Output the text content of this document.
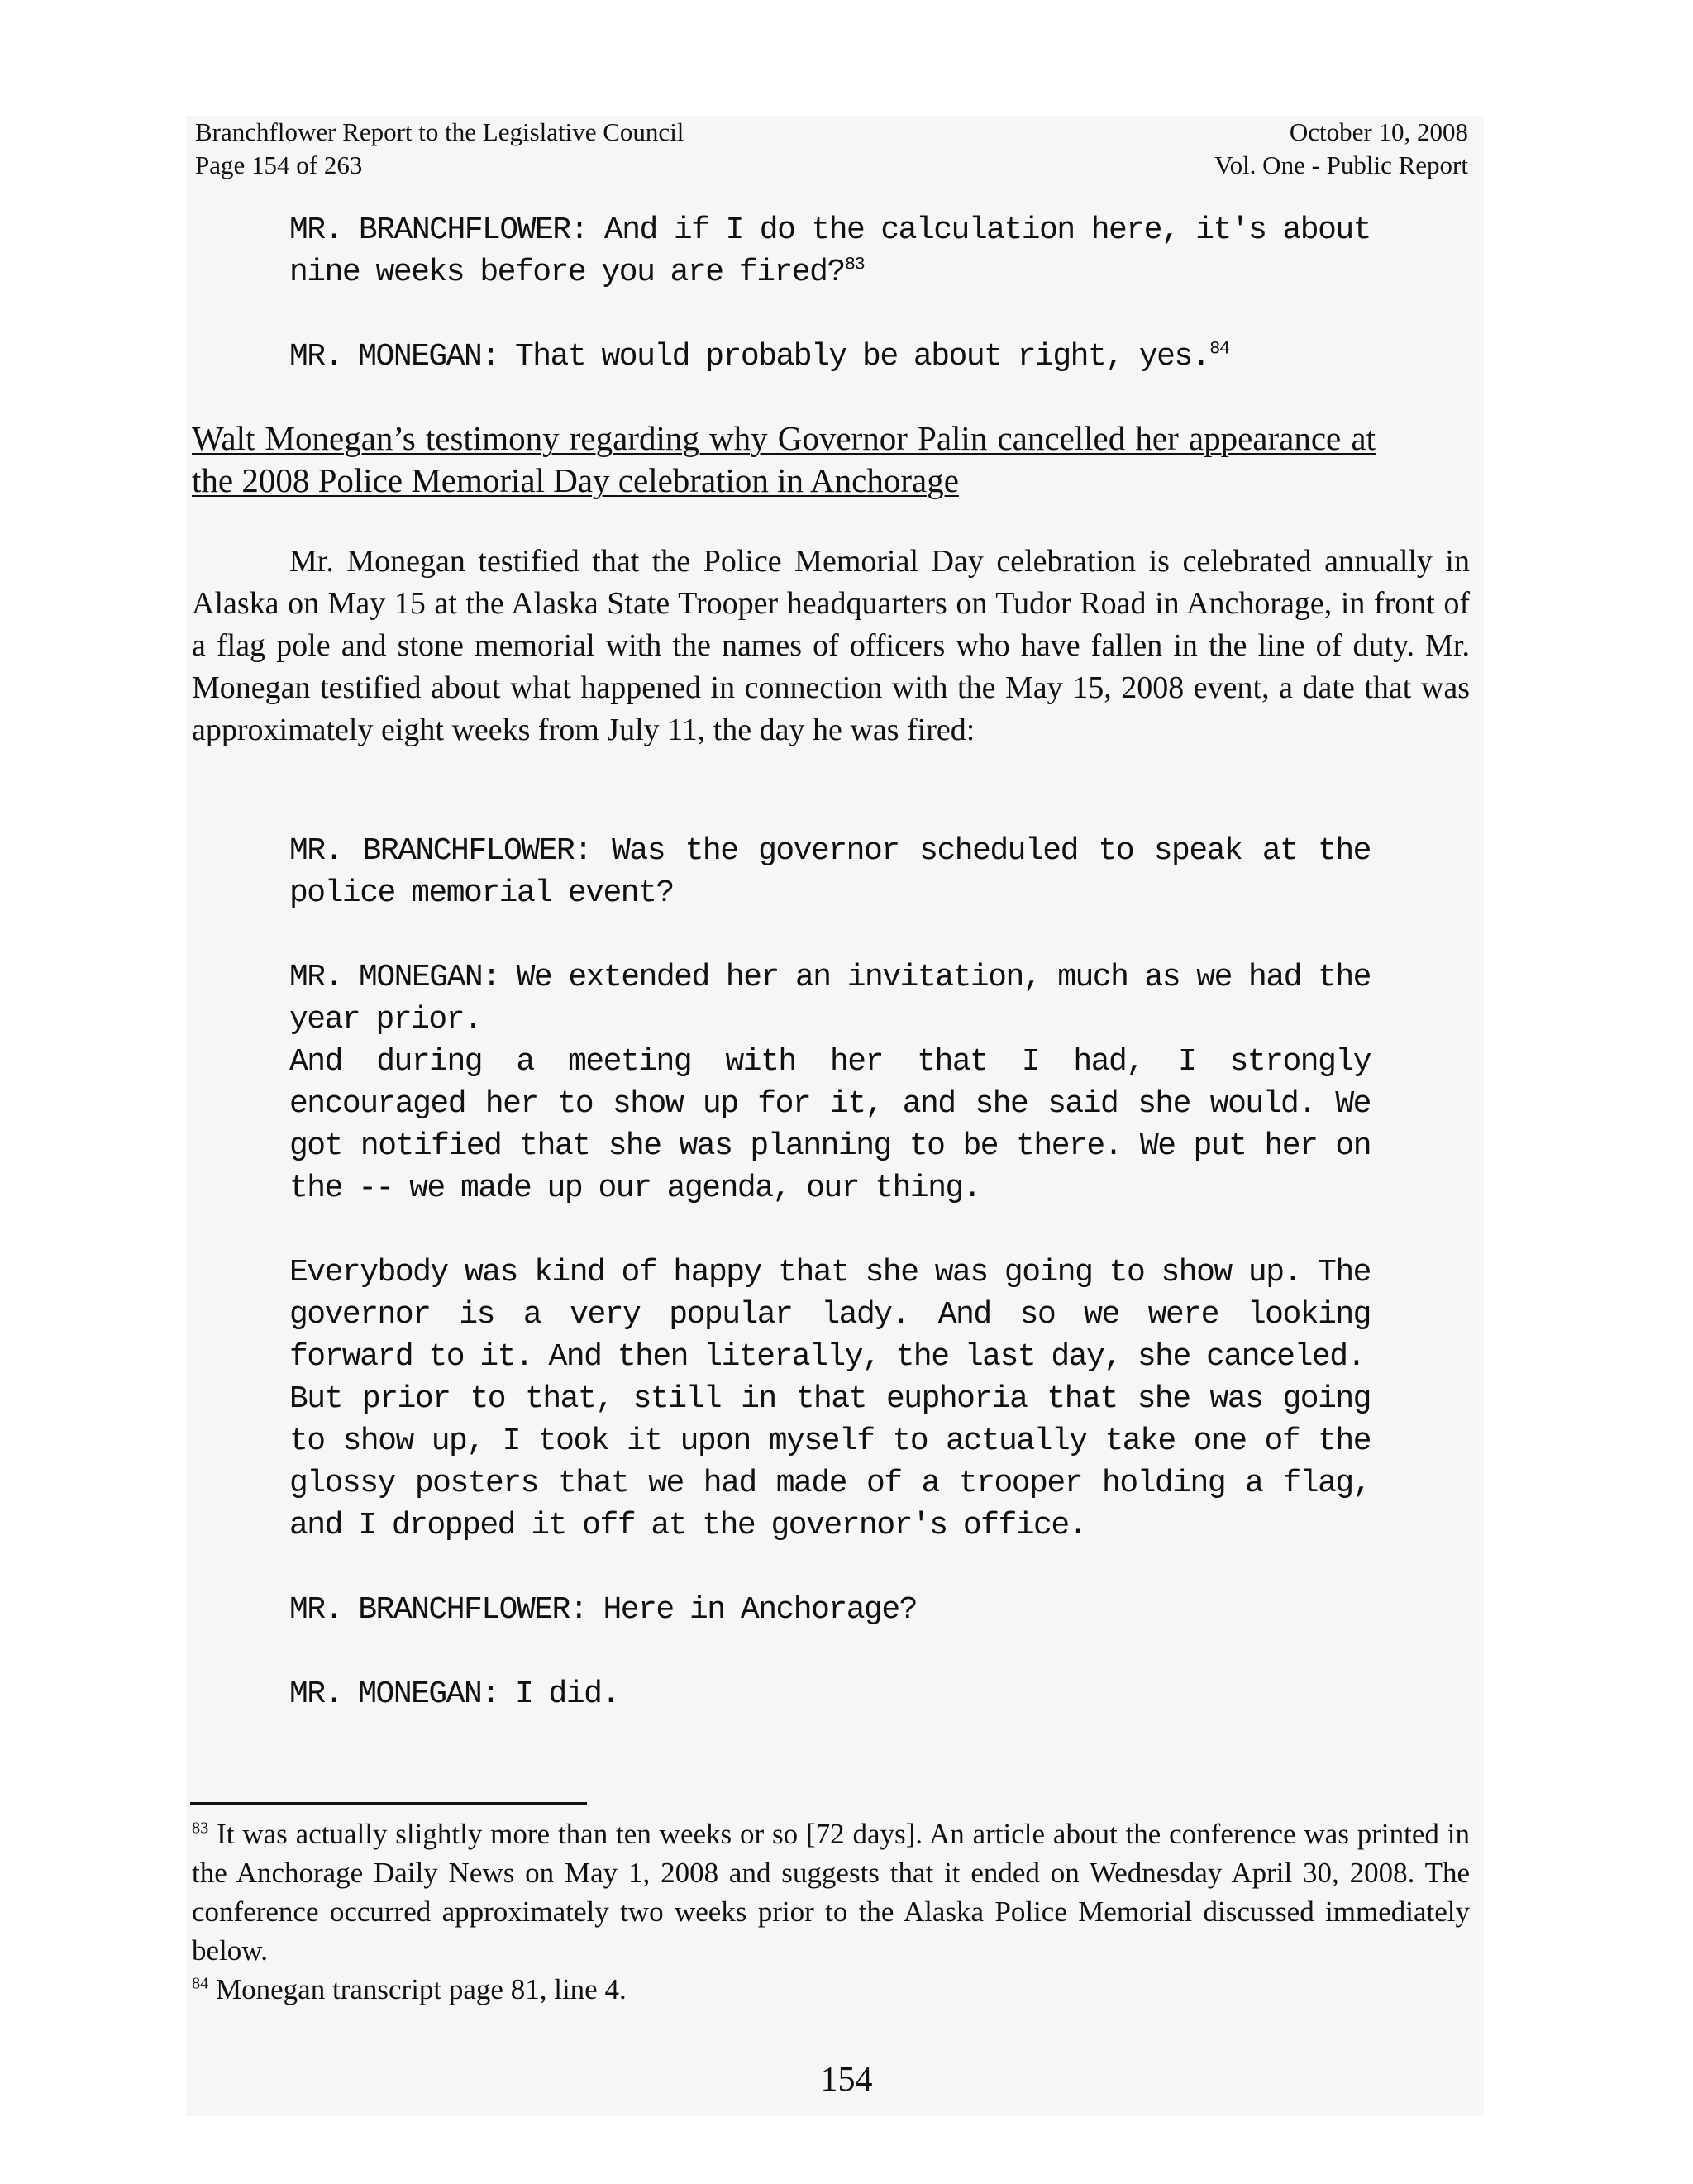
Branchflower Report to the Legislative Council
Page 154 of 263
October 10, 2008
Vol. One - Public Report

MR. BRANCHFLOWER: And if I do the calculation here, it's about nine weeks before you are fired?$^{83}$

MR. MONEGAN: That would probably be about right, yes.$^{84}$

Walt Monegan’s testimony regarding why Governor Palin cancelled her appearance at the 2008 Police Memorial Day celebration in Anchorage

Mr. Monegan testified that the Police Memorial Day celebration is celebrated annually in Alaska on May 15 at the Alaska State Trooper headquarters on Tudor Road in Anchorage, in front of a flag pole and stone memorial with the names of officers who have fallen in the line of duty. Mr. Monegan testified about what happened in connection with the May 15, 2008 event, a date that was approximately eight weeks from July 11, the day he was fired:

MR. BRANCHFLOWER: Was the governor scheduled to speak at the police memorial event?

MR. MONEGAN: We extended her an invitation, much as we had the year prior.

And during a meeting with her that I had, I strongly encouraged her to show up for it, and she said she would. We got notified that she was planning to be there. We put her on the -- we made up our agenda, our thing.

Everybody was kind of happy that she was going to show up. The governor is a very popular lady. And so we were looking forward to it. And then literally, the last day, she canceled.

But prior to that, still in that euphoria that she was going to show up, I took it upon myself to actually take one of the glossy posters that we had made of a trooper holding a flag, and I dropped it off at the governor's office.

MR. BRANCHFLOWER: Here in Anchorage?

MR. MONEGAN: I did.

$^{83}$ It was actually slightly more than ten weeks or so [72 days]. An article about the conference was printed in the Anchorage Daily News on May 1, 2008 and suggests that it ended on Wednesday April 30, 2008. The conference occurred approximately two weeks prior to the Alaska Police Memorial discussed immediately below.

$^{84}$ Monegan transcript page 81, line 4.

154
